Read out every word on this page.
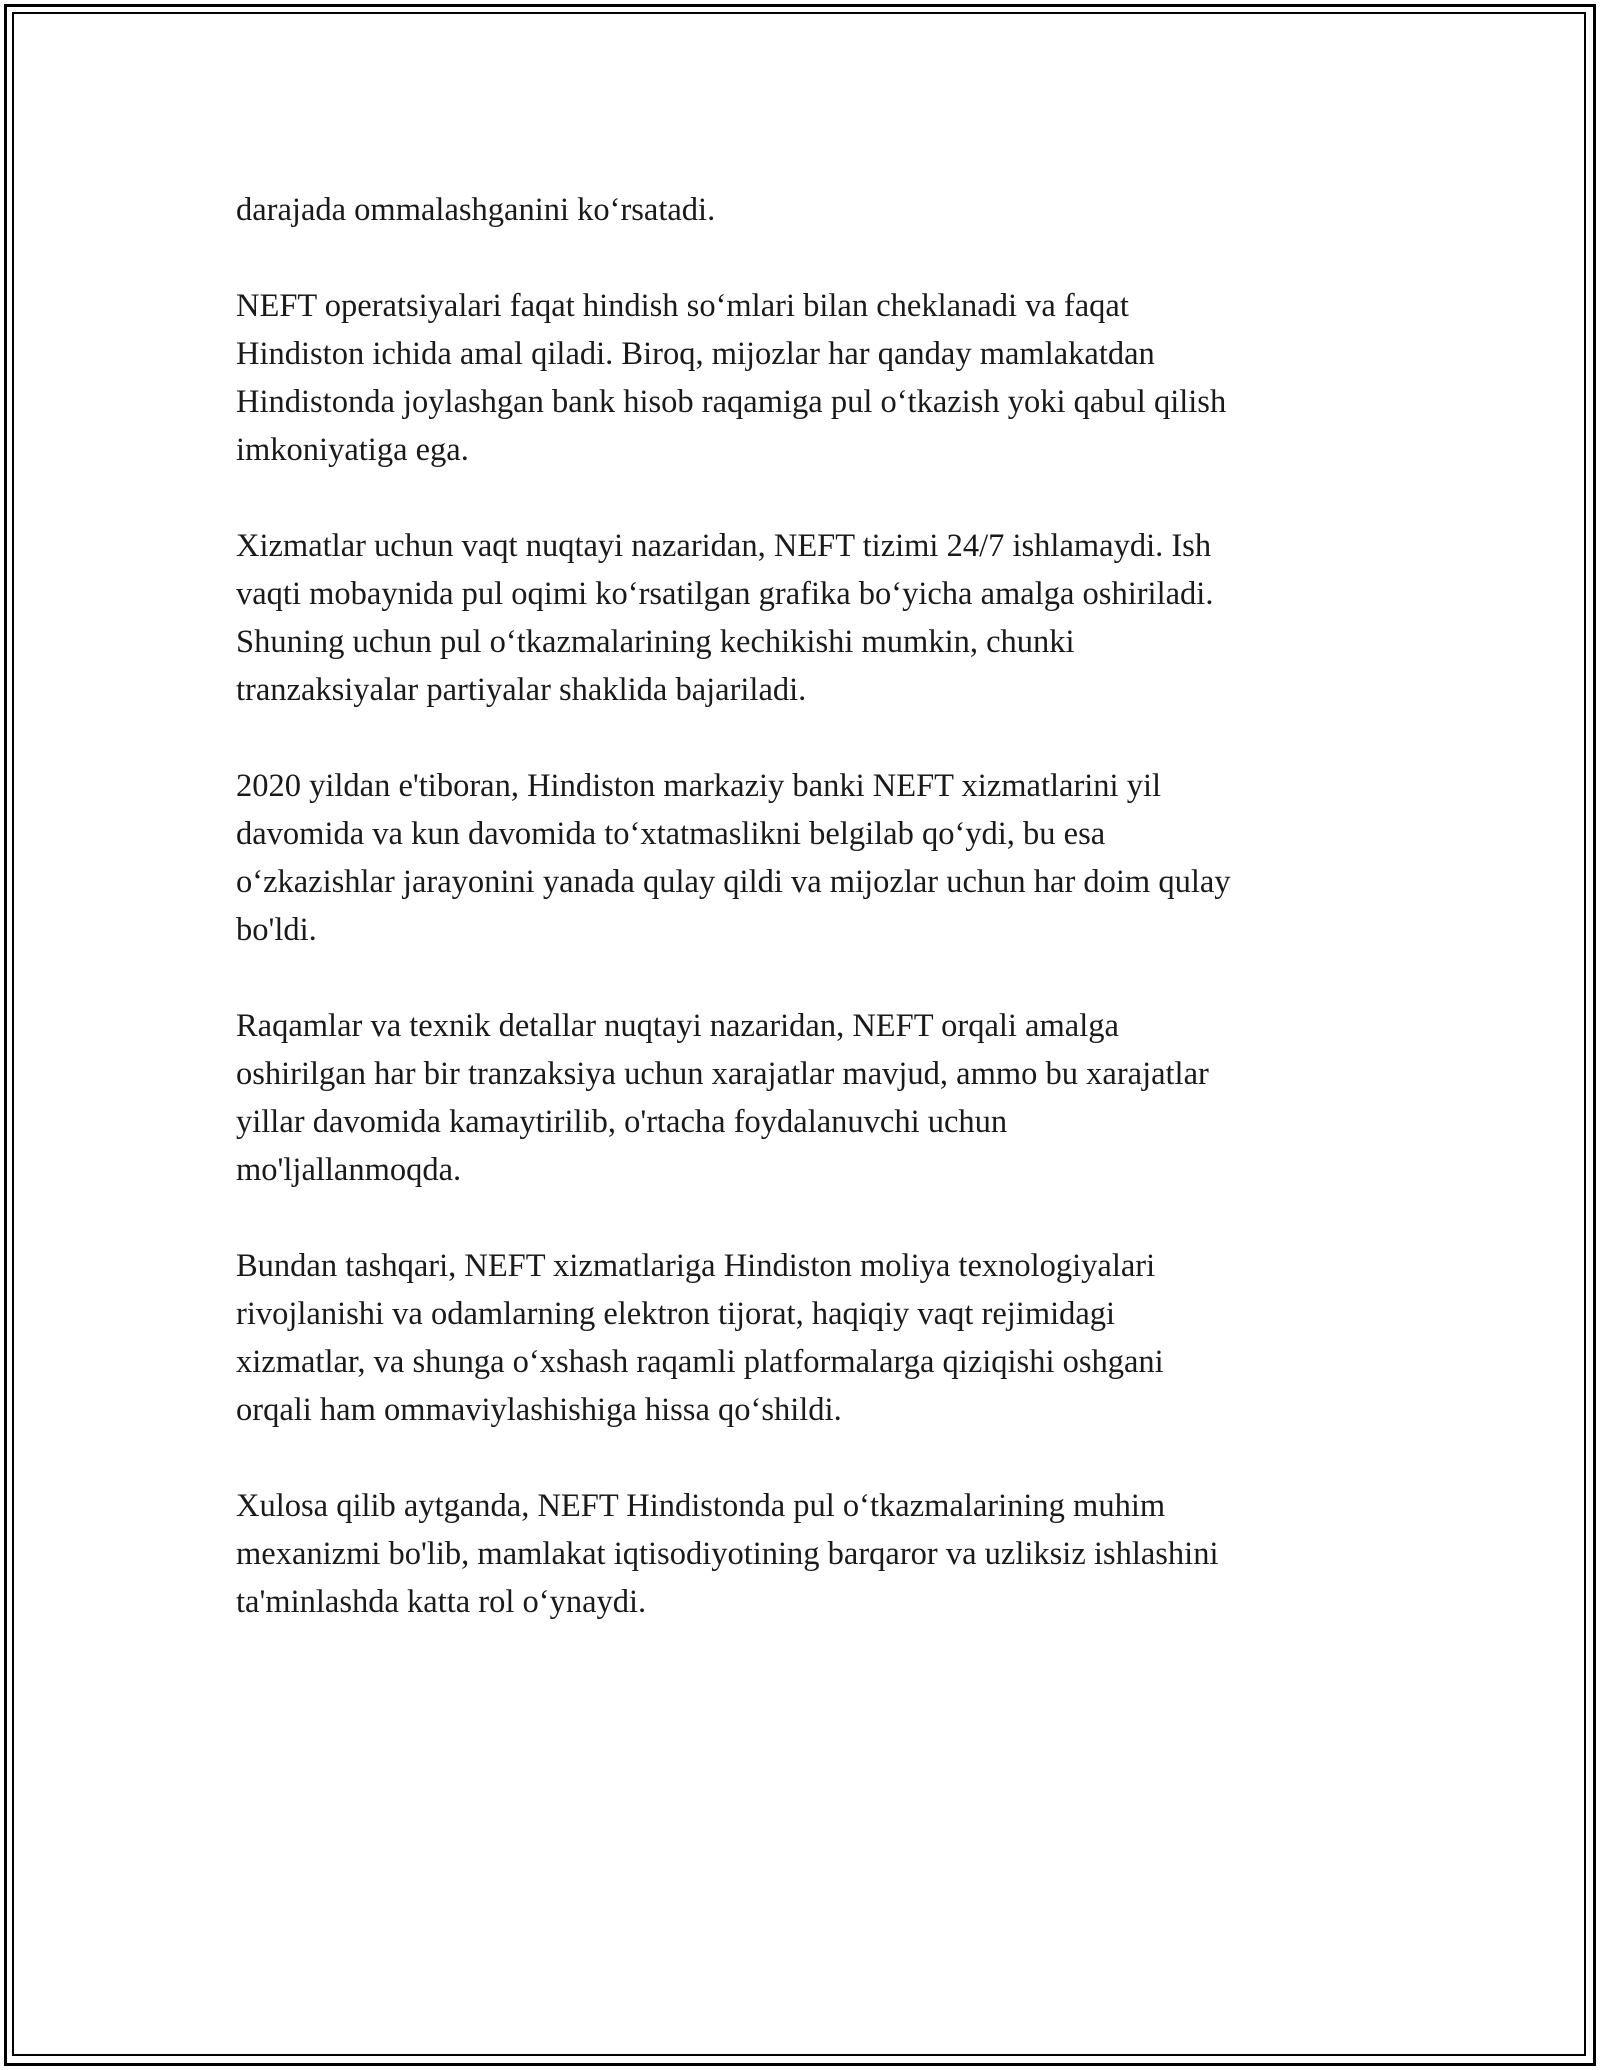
darajada ommalashganini ko‘rsatadi.

NEFT operatsiyalari faqat hindish so‘mlari bilan cheklanadi va faqat
Hindiston ichida amal qiladi. Biroq, mijozlar har qanday mamlakatdan
Hindistonda joylashgan bank hisob raqamiga pul o‘tkazish yoki qabul qilish
imkoniyatiga ega.

Xizmatlar uchun vaqt nuqtayi nazaridan, NEFT tizimi 24/7 ishlamaydi. Ish
vaqti mobaynida pul oqimi ko‘rsatilgan grafika bo‘yicha amalga oshiriladi.
Shuning uchun pul o‘tkazmalarining kechikishi mumkin, chunki
tranzaksiyalar partiyalar shaklida bajariladi.

2020 yildan e'tiboran, Hindiston markaziy banki NEFT xizmatlarini yil
davomida va kun davomida to‘xtatmaslikni belgilab qo‘ydi, bu esa
o‘zkazishlar jarayonini yanada qulay qildi va mijozlar uchun har doim qulay
bo'ldi.

Raqamlar va texnik detallar nuqtayi nazaridan, NEFT orqali amalga
oshirilgan har bir tranzaksiya uchun xarajatlar mavjud, ammo bu xarajatlar
yillar davomida kamaytirilib, o'rtacha foydalanuvchi uchun
mo'ljallanmoqda.

Bundan tashqari, NEFT xizmatlariga Hindiston moliya texnologiyalari
rivojlanishi va odamlarning elektron tijorat, haqiqiy vaqt rejimidagi
xizmatlar, va shunga o‘xshash raqamli platformalarga qiziqishi oshgani
orqali ham ommaviylashishiga hissa qo‘shildi.

Xulosa qilib aytganda, NEFT Hindistonda pul o‘tkazmalarining muhim
mexanizmi bo'lib, mamlakat iqtisodiyotining barqaror va uzliksiz ishlashini
ta'minlashda katta rol o‘ynaydi.
